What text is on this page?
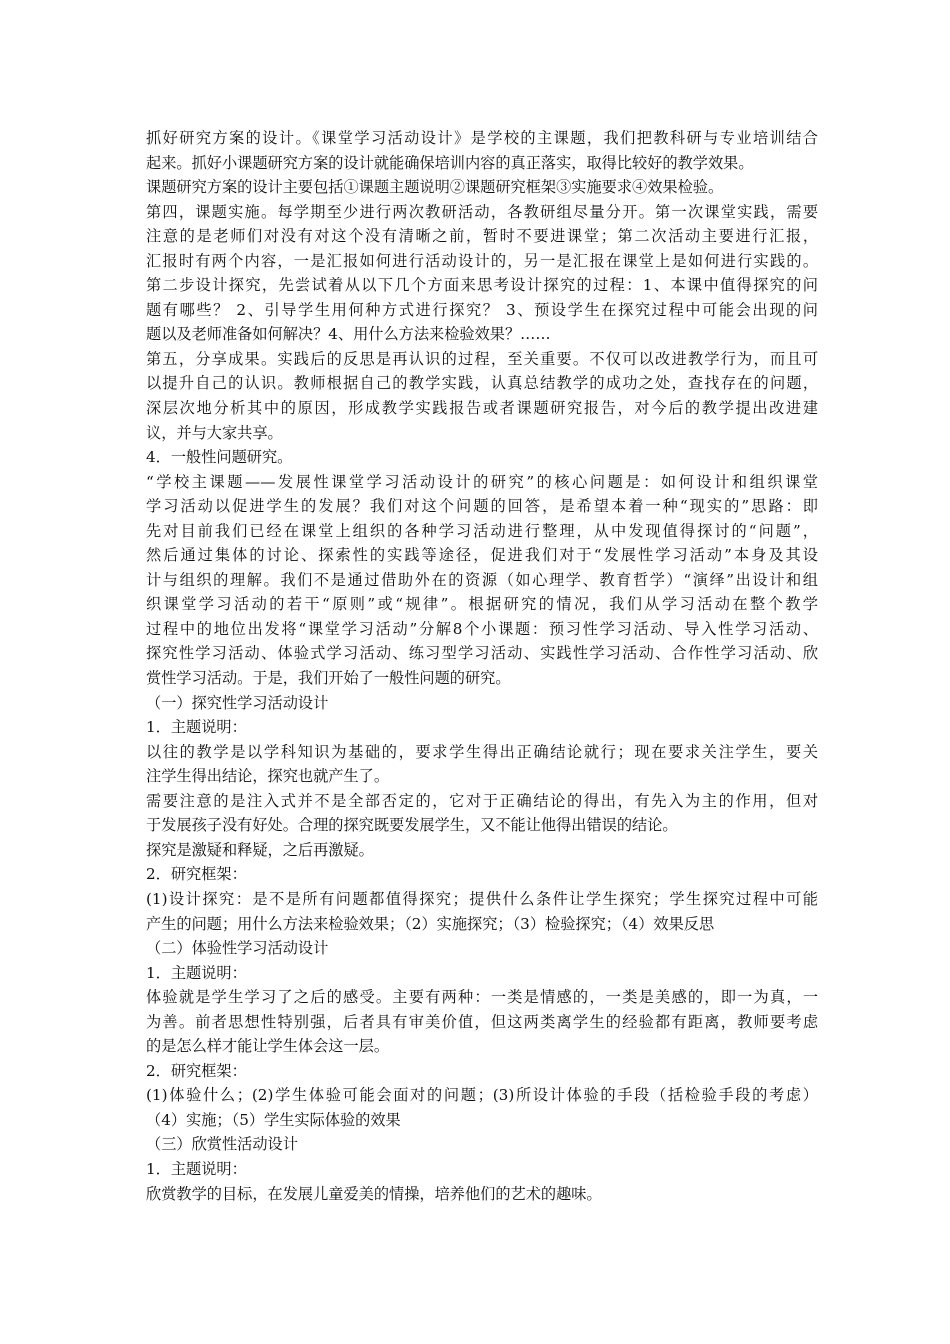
抓好研究方案的设计。《课堂学习活动设计》是学校的主课题，我们把教科研与专业培训结合
起来。抓好小课题研究方案的设计就能确保培训内容的真正落实，取得比较好的教学效果。
课题研究方案的设计主要包括①课题主题说明②课题研究框架③实施要求④效果检验。
第四，课题实施。每学期至少进行两次教研活动，各教研组尽量分开。第一次课堂实践，需要
注意的是老师们对没有对这个没有清晰之前，暂时不要进课堂；第二次活动主要进行汇报，
汇报时有两个内容，一是汇报如何进行活动设计的，另一是汇报在课堂上是如何进行实践的。
第二步设计探究，先尝试着从以下几个方面来思考设计探究的过程：1、本课中值得探究的问
题有哪些？ 2、引导学生用何种方式进行探究？ 3、预设学生在探究过程中可能会出现的问
题以及老师准备如何解决？4、用什么方法来检验效果？……
第五，分享成果。实践后的反思是再认识的过程，至关重要。不仅可以改进教学行为，而且可
以提升自己的认识。教师根据自己的教学实践，认真总结教学的成功之处，查找存在的问题，
深层次地分析其中的原因，形成教学实践报告或者课题研究报告，对今后的教学提出改进建
议，并与大家共享。
4．一般性问题研究。
“学校主课题——发展性课堂学习活动设计的研究”的核心问题是：如何设计和组织课堂
学习活动以促进学生的发展？我们对这个问题的回答，是希望本着一种“现实的”思路：即
先对目前我们已经在课堂上组织的各种学习活动进行整理，从中发现值得探讨的“问题”，
然后通过集体的讨论、探索性的实践等途径，促进我们对于“发展性学习活动”本身及其设
计与组织的理解。我们不是通过借助外在的资源（如心理学、教育哲学）“演绎”出设计和组
织课堂学习活动的若干“原则”或“规律”。根据研究的情况，我们从学习活动在整个教学
过程中的地位出发将“课堂学习活动”分解8个小课题：预习性学习活动、导入性学习活动、
探究性学习活动、体验式学习活动、练习型学习活动、实践性学习活动、合作性学习活动、欣
赏性学习活动。于是，我们开始了一般性问题的研究。
（一）探究性学习活动设计
1．主题说明：
以往的教学是以学科知识为基础的，要求学生得出正确结论就行；现在要求关注学生，要关
注学生得出结论，探究也就产生了。
需要注意的是注入式并不是全部否定的，它对于正确结论的得出，有先入为主的作用，但对
于发展孩子没有好处。合理的探究既要发展学生，又不能让他得出错误的结论。
探究是激疑和释疑，之后再激疑。
2．研究框架：
(1)设计探究：是不是所有问题都值得探究；提供什么条件让学生探究；学生探究过程中可能
产生的问题；用什么方法来检验效果；（2）实施探究；（3）检验探究；（4）效果反思
（二）体验性学习活动设计
1．主题说明：
体验就是学生学习了之后的感受。主要有两种：一类是情感的，一类是美感的，即一为真，一
为善。前者思想性特别强，后者具有审美价值，但这两类离学生的经验都有距离，教师要考虑
的是怎么样才能让学生体会这一层。
2．研究框架：
(1)体验什么；(2)学生体验可能会面对的问题；(3)所设计体验的手段（括检验手段的考虑）
（4）实施；（5）学生实际体验的效果
（三）欣赏性活动设计
1．主题说明：
欣赏教学的目标，在发展儿童爱美的情操，培养他们的艺术的趣味。
